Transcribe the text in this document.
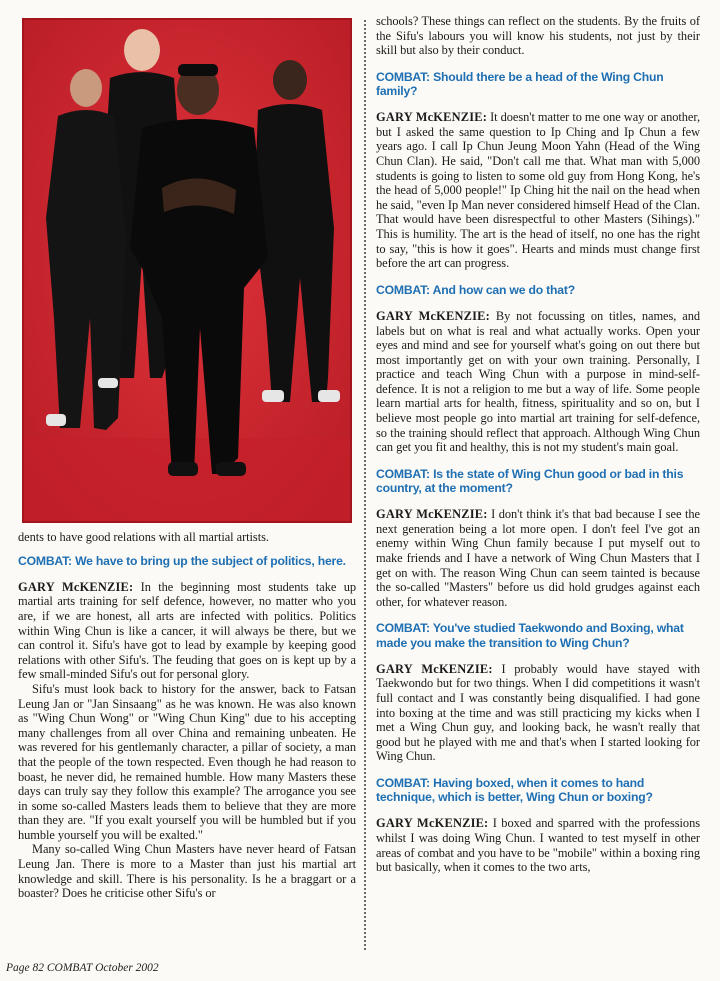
dents to have good relations with all martial artists.

COMBAT: We have to bring up the subject of politics, here.

GARY McKENZIE: In the beginning most students take up martial arts training for self defence, however, no matter who you are, if we are honest, all arts are infected with politics. Politics within Wing Chun is like a cancer, it will always be there, but we can control it. Sifu's have got to lead by example by keeping good relations with other Sifu's. The feuding that goes on is kept up by a few small-minded Sifu's out for personal glory.

Sifu's must look back to history for the answer, back to Fatsan Leung Jan or "Jan Sinsaang" as he was known. He was also known as "Wing Chun Wong" or "Wing Chun King" due to his accepting many challenges from all over China and remaining unbeaten. He was revered for his gentlemanly character, a pillar of society, a man that the people of the town respected. Even though he had reason to boast, he never did, he remained humble. How many Masters these days can truly say they follow this example? The arrogance you see in some so-called Masters leads them to believe that they are more than they are. "If you exalt yourself you will be humbled but if you humble yourself you will be exalted."

Many so-called Wing Chun Masters have never heard of Fatsan Leung Jan. There is more to a Master than just his martial art knowledge and skill. There is his personality. Is he a braggart or a boaster? Does he criticise other Sifu's or

schools? These things can reflect on the students. By the fruits of the Sifu's labours you will know his students, not just by their skill but also by their conduct.

COMBAT: Should there be a head of the Wing Chun family?

GARY McKENZIE: It doesn't matter to me one way or another, but I asked the same question to Ip Ching and Ip Chun a few years ago. I call Ip Chun Jeung Moon Yahn (Head of the Wing Chun Clan). He said, "Don't call me that. What man with 5,000 students is going to listen to some old guy from Hong Kong, he's the head of 5,000 people!" Ip Ching hit the nail on the head when he said, "even Ip Man never considered himself Head of the Clan. That would have been disrespectful to other Masters (Sihings)." This is humility. The art is the head of itself, no one has the right to say, "this is how it goes". Hearts and minds must change first before the art can progress.

COMBAT: And how can we do that?

GARY McKENZIE: By not focussing on titles, names, and labels but on what is real and what actually works. Open your eyes and mind and see for yourself what's going on out there but most importantly get on with your own training. Personally, I practice and teach Wing Chun with a purpose in mind-self-defence. It is not a religion to me but a way of life. Some people learn martial arts for health, fitness, spirituality and so on, but I believe most people go into martial art training for self-defence, so the training should reflect that approach. Although Wing Chun can get you fit and healthy, this is not my student's main goal.

COMBAT: Is the state of Wing Chun good or bad in this country, at the moment?

GARY McKENZIE: I don't think it's that bad because I see the next generation being a lot more open. I don't feel I've got an enemy within Wing Chun family because I put myself out to make friends and I have a network of Wing Chun Masters that I get on with. The reason Wing Chun can seem tainted is because the so-called "Masters" before us did hold grudges against each other, for whatever reason.

COMBAT: You've studied Taekwondo and Boxing, what made you make the transition to Wing Chun?

GARY McKENZIE: I probably would have stayed with Taekwondo but for two things. When I did competitions it wasn't full contact and I was constantly being disqualified. I had gone into boxing at the time and was still practicing my kicks when I met a Wing Chun guy, and looking back, he wasn't really that good but he played with me and that's when I started looking for Wing Chun.

COMBAT: Having boxed, when it comes to hand technique, which is better, Wing Chun or boxing?

GARY McKENZIE: I boxed and sparred with the professions whilst I was doing Wing Chun. I wanted to test myself in other areas of combat and you have to be "mobile" within a boxing ring but basically, when it comes to the two arts,

Page 82 COMBAT October 2002
